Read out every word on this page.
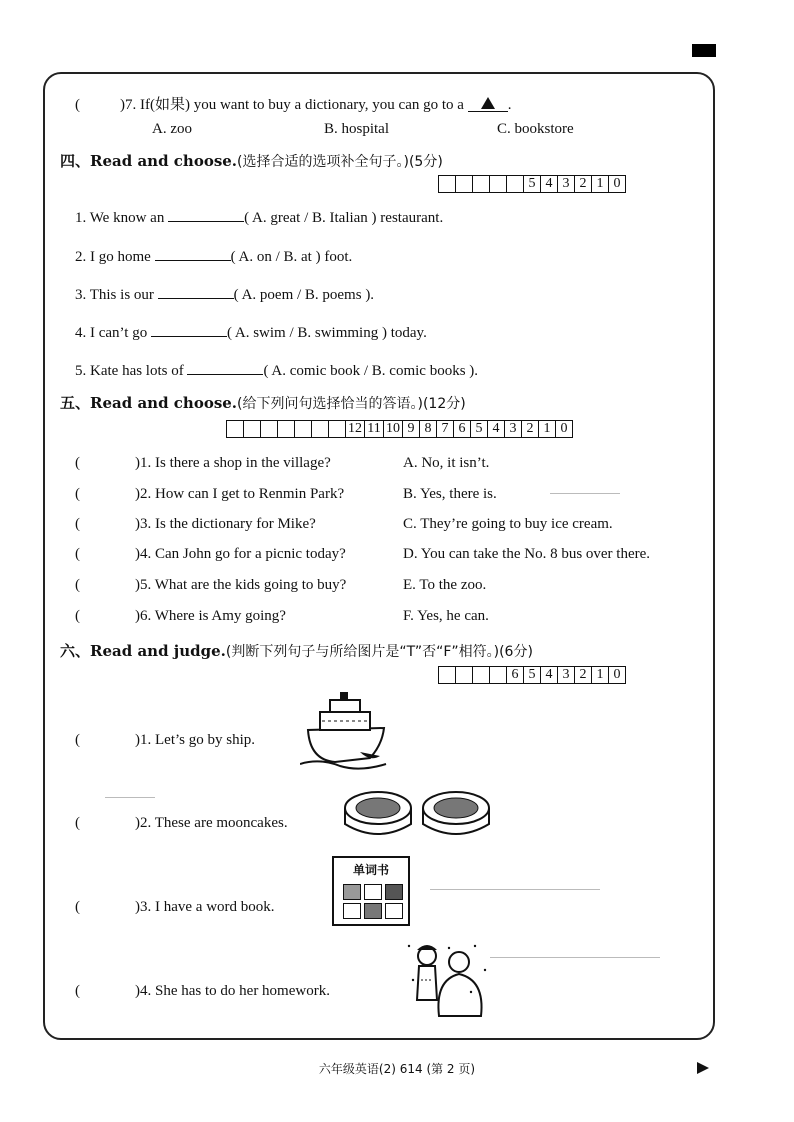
(	)7. If(如果) you want to buy a dictionary, you can go to a	.
A. zoo	B. hospital	C. bookstore
四、Read and choose.(选择合适的选项补全句子。)(5分)
5 4 3 2 1 0
1. We know an	( A. great / B. Italian ) restaurant.
2. I go home	( A. on / B. at ) foot.
3. This is our	( A. poem / B. poems ).
4. I can’t go	( A. swim / B. swimming ) today.
5. Kate has lots of	( A. comic book / B. comic books ).
五、Read and choose.(给下列问句选择恰当的答语。)(12分)
12 11 10 9 8 7 6 5 4 3 2 1 0
(	)1. Is there a shop in the village?	A. No, it isn’t.
(	)2. How can I get to Renmin Park?	B. Yes, there is.
(	)3. Is the dictionary for Mike?	C. They’re going to buy ice cream.
(	)4. Can John go for a picnic today?	D. You can take the No. 8 bus over there.
(	)5. What are the kids going to buy?	E. To the zoo.
(	)6. Where is Amy going?	F. Yes, he can.
六、Read and judge.(判断下列句子与所给图片是“T”否“F”相符。)(6分)
6 5 4 3 2 1 0
(	)1. Let’s go by ship.
(	)2. These are mooncakes.
(	)3. I have a word book.
(	)4. She has to do her homework.
单词书
六年级英语(2) 614 (第 2 页)
